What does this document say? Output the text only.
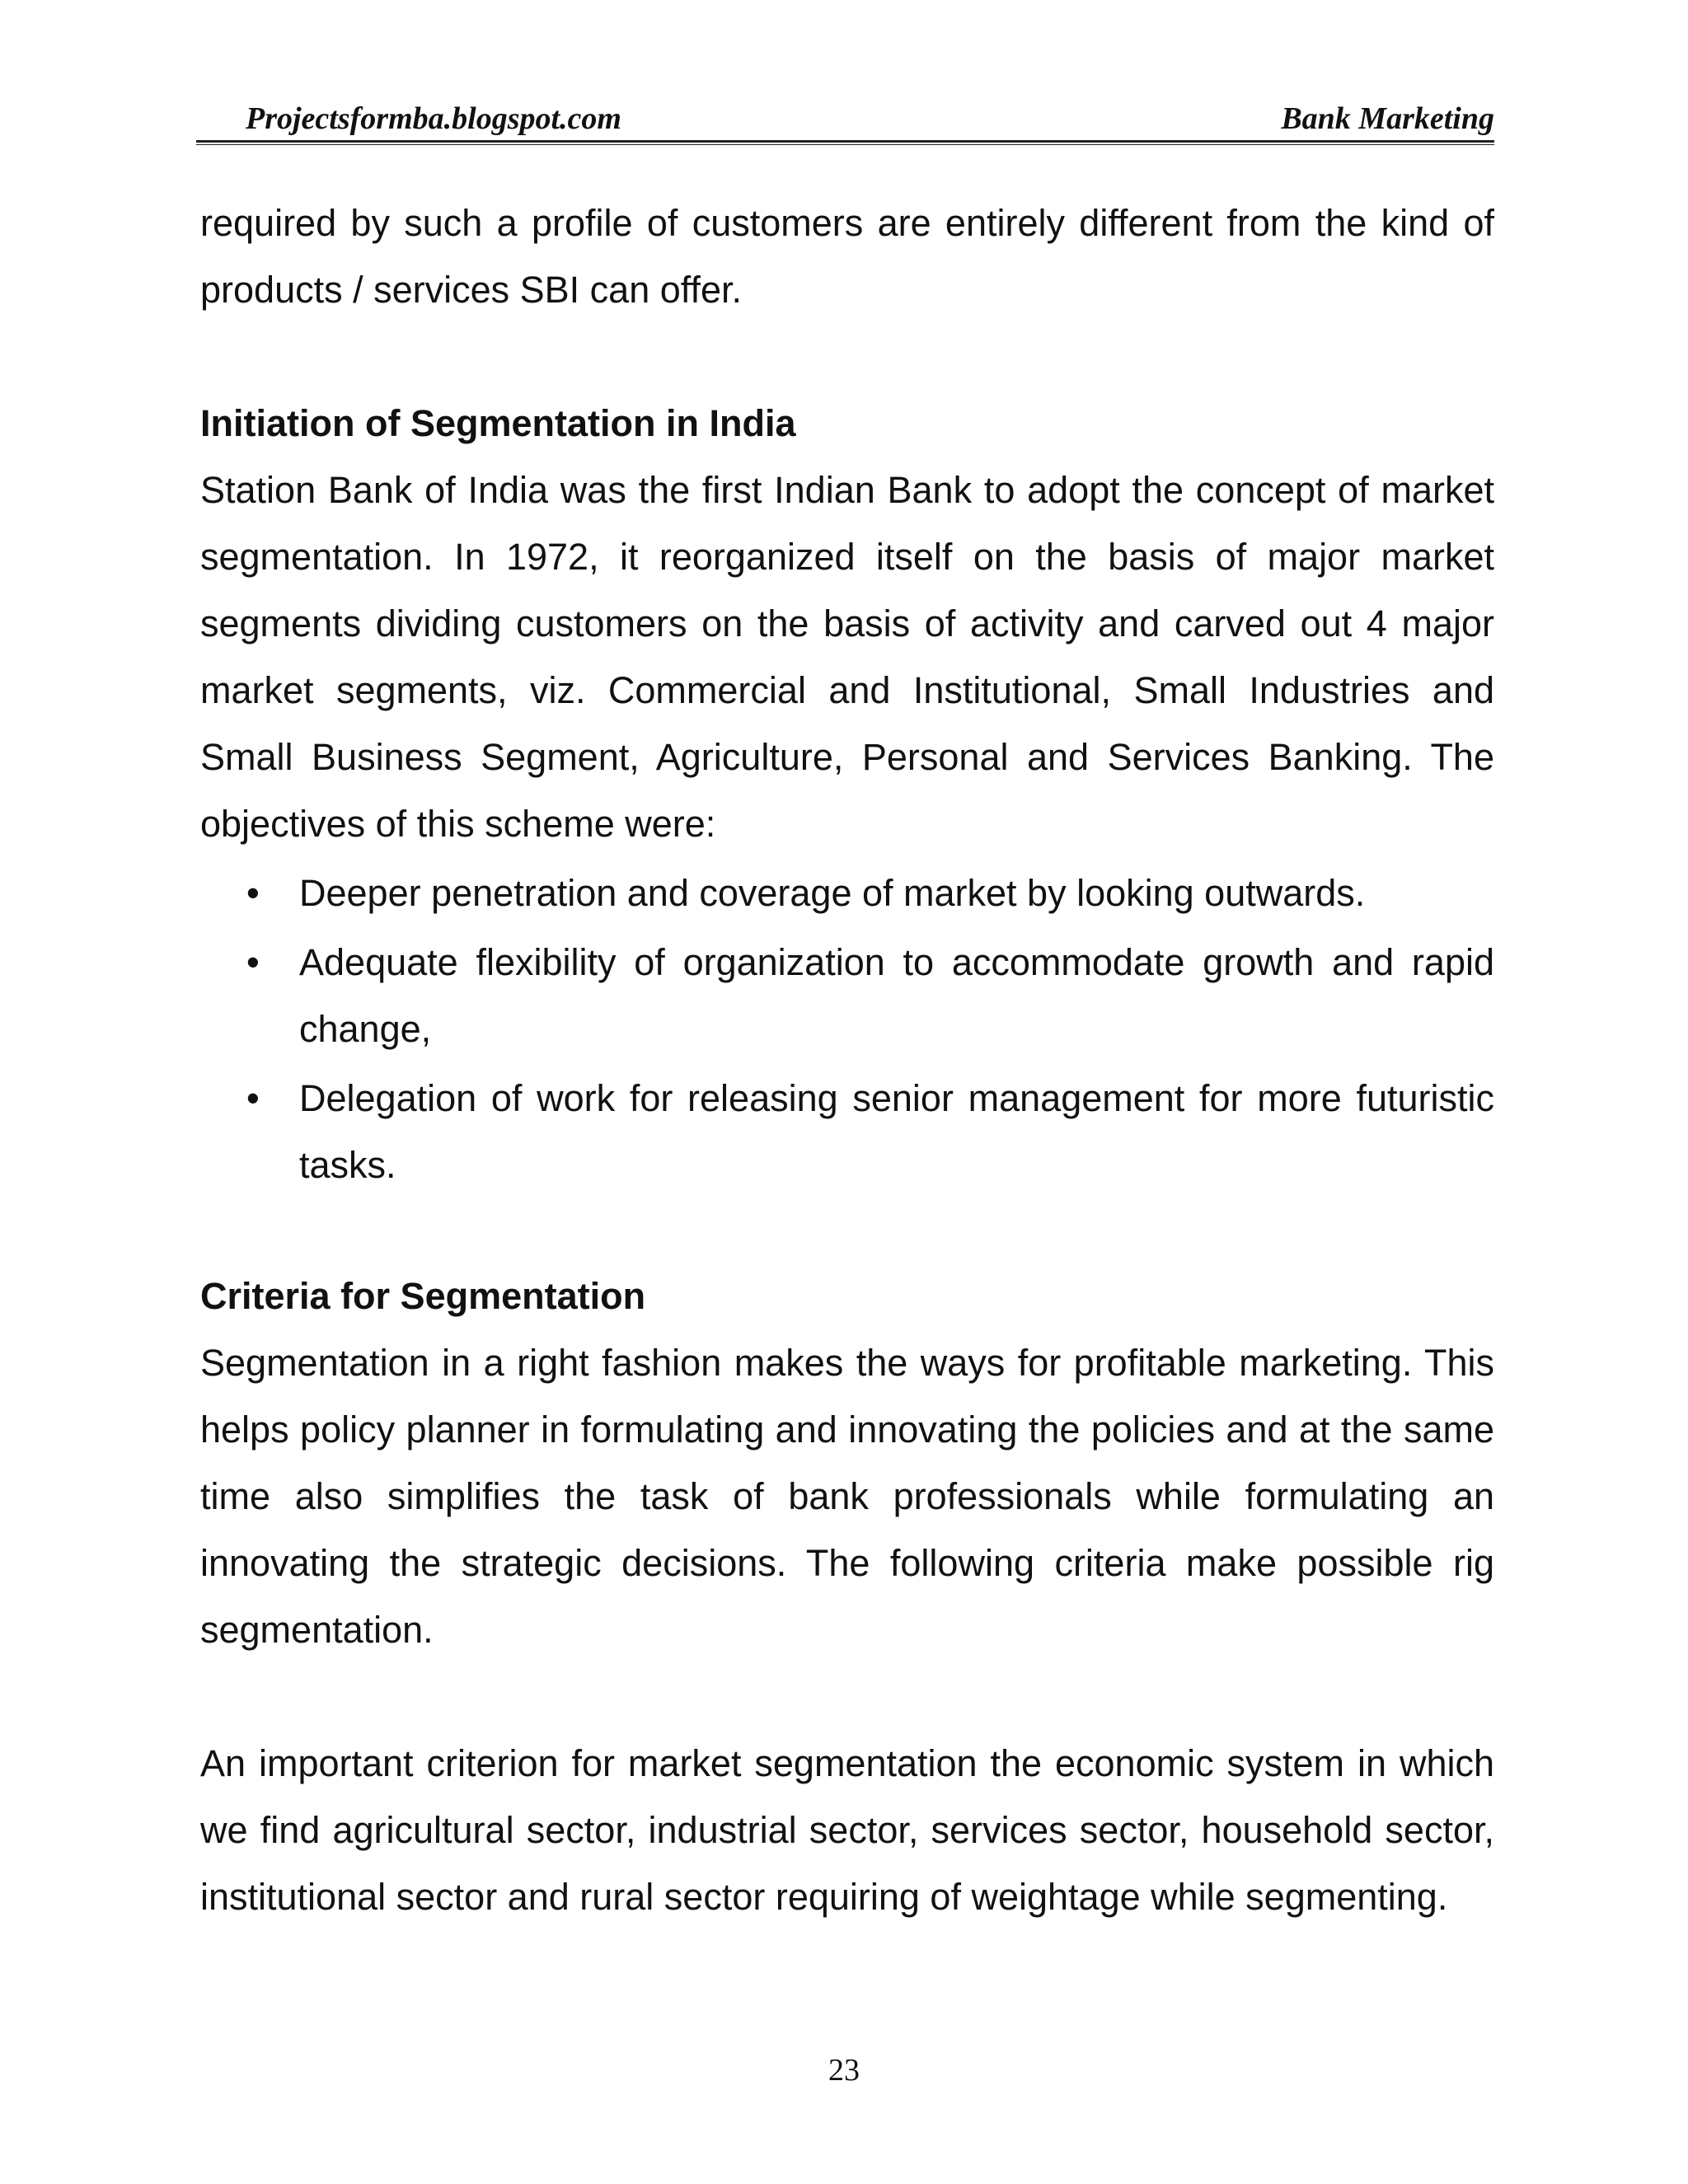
Projectsformba.blogspot.com	Bank Marketing

required by such a profile of customers are entirely different from the kind of products / services SBI can offer.

Initiation of Segmentation in India

Station Bank of India was the first Indian Bank to adopt the concept of market segmentation. In 1972, it reorganized itself on the basis of major market segments dividing customers on the basis of activity and carved out 4 major market segments, viz. Commercial and Institutional, Small Industries and Small Business Segment, Agriculture, Personal and Services Banking. The objectives of this scheme were:

• Deeper penetration and coverage of market by looking outwards.
• Adequate flexibility of organization to accommodate growth and rapid change,
• Delegation of work for releasing senior management for more futuristic tasks.
Criteria for Segmentation

Segmentation in a right fashion makes the ways for profitable marketing. This helps policy planner in formulating and innovating the policies and at the same time also simplifies the task of bank professionals while formulating an innovating the strategic decisions. The following criteria make possible rig segmentation.

An important criterion for market segmentation the economic system in which we find agricultural sector, industrial sector, services sector, household sector, institutional sector and rural sector requiring of weightage while segmenting.

23
